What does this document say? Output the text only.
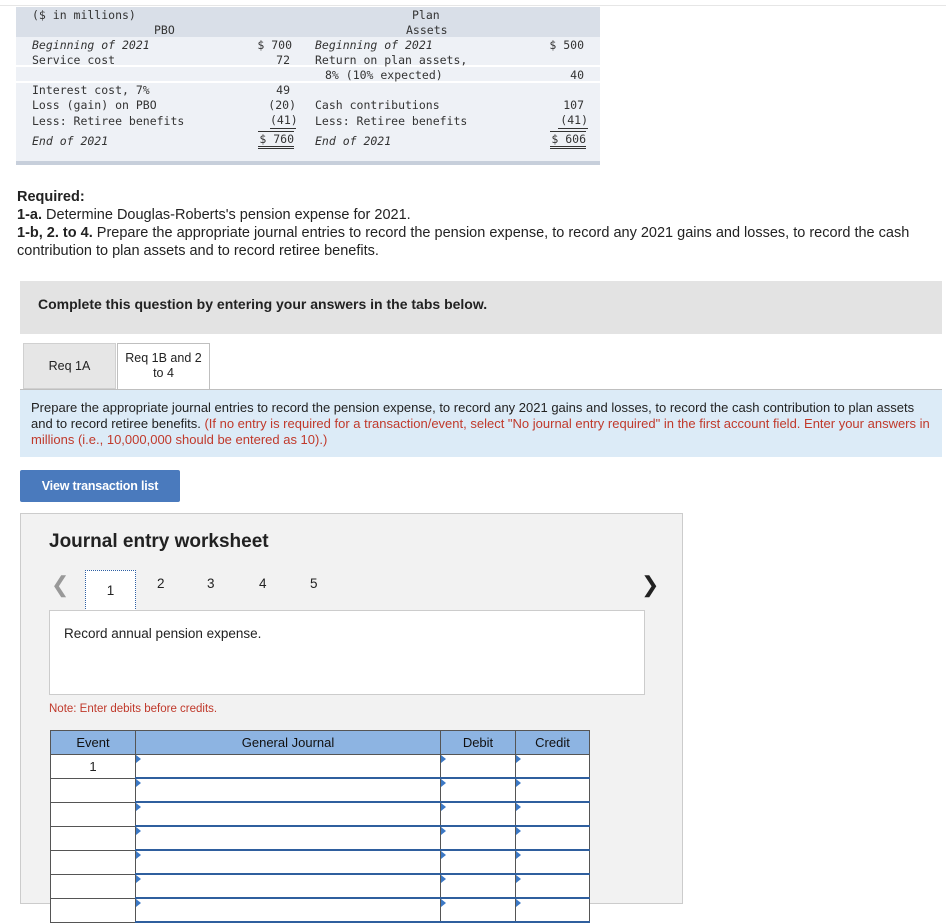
($ in millions)
PBO
Plan
Assets
Beginning of 2021	$ 700
Service cost	72
Interest cost, 7%	49
Loss (gain) on PBO	(20)
Less: Retiree benefits	(41)
End of 2021	$ 760
Beginning of 2021	$ 500
Return on plan assets,
8% (10% expected)	40
Cash contributions	107
Less: Retiree benefits	(41)
End of 2021	$ 606
Required:
1-a. Determine Douglas-Roberts's pension expense for 2021.
1-b, 2. to 4. Prepare the appropriate journal entries to record the pension expense, to record any 2021 gains and losses, to record the cash contribution to plan assets and to record retiree benefits.
Complete this question by entering your answers in the tabs below.
Req 1A
Req 1B and 2
to 4

Prepare the appropriate journal entries to record the pension expense, to record any 2021 gains and losses, to record the cash contribution to plan assets and to record retiree benefits. (If no entry is required for a transaction/event, select "No journal entry required" in the first account field. Enter your answers in millions (i.e., 10,000,000 should be entered as 10).)

View transaction list
Journal entry worksheet
❮	1	2	3	4	5	❯
Record annual pension expense.
Note: Enter debits before credits.
Event	General Journal	Debit	Credit
1			
